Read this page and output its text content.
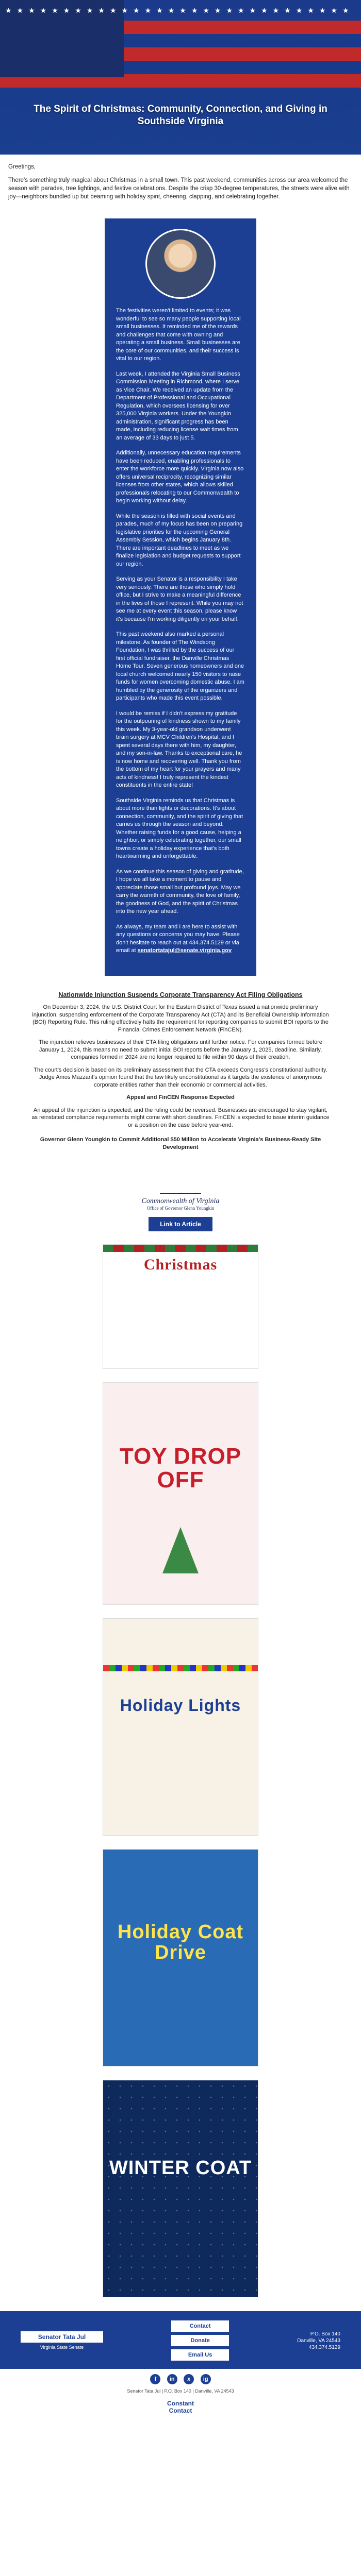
★★★★★★★★★★★★★★★★★★★★★★★★★★★★★★
The Spirit of Christmas: Community, Connection, and Giving in Southside Virginia

Greetings,

There's something truly magical about Christmas in a small town. This past weekend, communities across our area welcomed the season with parades, tree lightings, and festive celebrations. Despite the crisp 30-degree temperatures, the streets were alive with joy—neighbors bundled up but beaming with holiday spirit, cheering, clapping, and celebrating together.

The festivities weren't limited to events; it was wonderful to see so many people supporting local small businesses. It reminded me of the rewards and challenges that come with owning and operating a small business. Small businesses are the core of our communities, and their success is vital to our region.

Last week, I attended the Virginia Small Business Commission Meeting in Richmond, where I serve as Vice Chair. We received an update from the Department of Professional and Occupational Regulation, which oversees licensing for over 325,000 Virginia workers. Under the Youngkin administration, significant progress has been made, including reducing license wait times from an average of 33 days to just 5.

Additionally, unnecessary education requirements have been reduced, enabling professionals to enter the workforce more quickly. Virginia now also offers universal reciprocity, recognizing similar licenses from other states, which allows skilled professionals relocating to our Commonwealth to begin working without delay.

While the season is filled with social events and parades, much of my focus has been on preparing legislative priorities for the upcoming General Assembly Session, which begins January 8th. There are important deadlines to meet as we finalize legislation and budget requests to support our region.

Serving as your Senator is a responsibility I take very seriously. There are those who simply hold office, but I strive to make a meaningful difference in the lives of those I represent. While you may not see me at every event this season, please know it's because I'm working diligently on your behalf.

This past weekend also marked a personal milestone. As founder of The Windsong Foundation, I was thrilled by the success of our first official fundraiser, the Danville Christmas Home Tour. Seven generous homeowners and one local church welcomed nearly 150 visitors to raise funds for women overcoming domestic abuse. I am humbled by the generosity of the organizers and participants who made this event possible.

I would be remiss if I didn't express my gratitude for the outpouring of kindness shown to my family this week. My 3-year-old grandson underwent brain surgery at MCV Children's Hospital, and I spent several days there with him, my daughter, and my son-in-law. Thanks to exceptional care, he is now home and recovering well. Thank you from the bottom of my heart for your prayers and many acts of kindness! I truly represent the kindest constituents in the entire state!

Southside Virginia reminds us that Christmas is about more than lights or decorations. It's about connection, community, and the spirit of giving that carries us through the season and beyond. Whether raising funds for a good cause, helping a neighbor, or simply celebrating together, our small towns create a holiday experience that's both heartwarming and unforgettable.

As we continue this season of giving and gratitude, I hope we all take a moment to pause and appreciate those small but profound joys. May we carry the warmth of community, the love of family, the goodness of God, and the spirit of Christmas into the new year ahead.

As always, my team and I are here to assist with any questions or concerns you may have. Please don't hesitate to reach out at 434.374.5129 or via email at senatortatajul@senate.virginia.gov

Nationwide Injunction Suspends Corporate Transparency Act Filing Obligations

On December 3, 2024, the U.S. District Court for the Eastern District of Texas issued a nationwide preliminary injunction, suspending enforcement of the Corporate Transparency Act (CTA) and its Beneficial Ownership Information (BOI) Reporting Rule. This ruling effectively halts the requirement for reporting companies to submit BOI reports to the Financial Crimes Enforcement Network (FinCEN).

The injunction relieves businesses of their CTA filing obligations until further notice. For companies formed before January 1, 2024, this means no need to submit initial BOI reports before the January 1, 2025, deadline. Similarly, companies formed in 2024 are no longer required to file within 90 days of their creation.

The court's decision is based on its preliminary assessment that the CTA exceeds Congress's constitutional authority. Judge Amos Mazzant's opinion found that the law likely unconstitutional as it targets the existence of anonymous corporate entities rather than their economic or commercial activities.

Appeal and FinCEN Response Expected

An appeal of the injunction is expected, and the ruling could be reversed. Businesses are encouraged to stay vigilant, as reinstated compliance requirements might come with short deadlines. FinCEN is expected to issue interim guidance or a position on the case before year-end.

Governor Glenn Youngkin to Commit Additional $50 Million to Accelerate Virginia's Business-Ready Site Development

Commonwealth of Virginia
Office of Governor Glenn Youngkin
Link to Article
Christmas
TOY DROP OFF
Holiday Lights
Holiday Coat Drive
WINTER COAT
Senator Tata Jul
Virginia State Senate
Contact
Donate
Email Us
P.O. Box 140
Danville, VA 24543
434.374.5129
f in x ig
Senator Tata Jul | P.O. Box 140 | Danville, VA 24543
Constant
Contact
